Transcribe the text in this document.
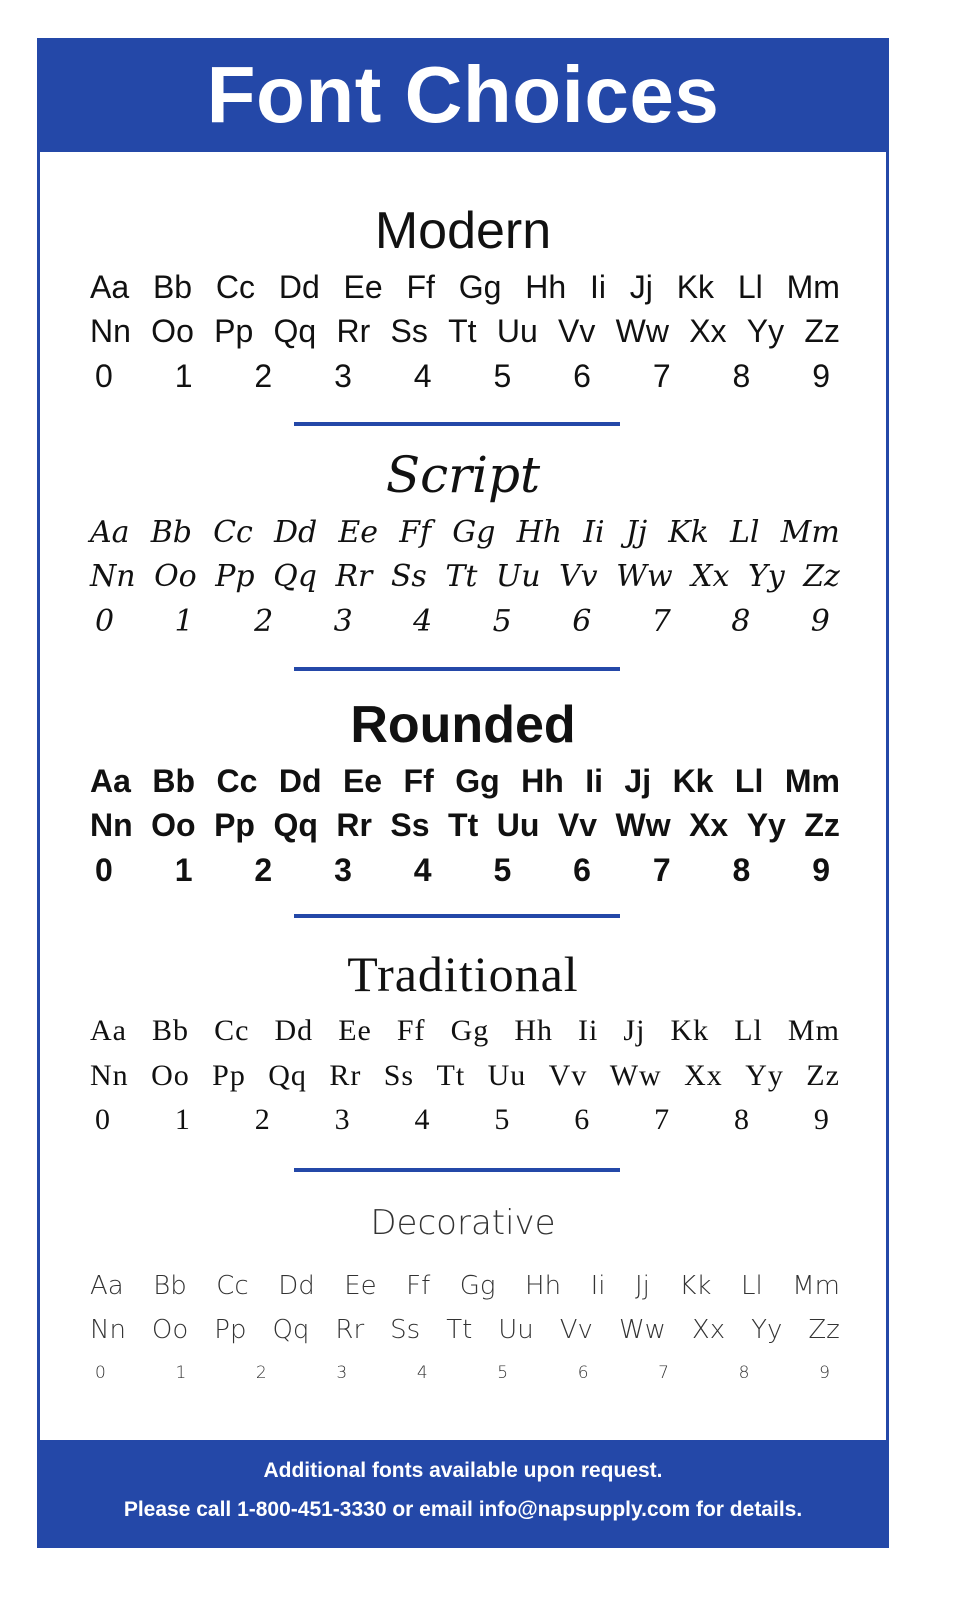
Font Choices
Modern
Aa Bb Cc Dd Ee Ff Gg Hh Ii Jj Kk Ll Mm
Nn Oo Pp Qq Rr Ss Tt Uu Vv Ww Xx Yy Zz
0 1 2 3 4 5 6 7 8 9
Script
Aa Bb Cc Dd Ee Ff Gg Hh Ii Jj Kk Ll Mm
Nn Oo Pp Qq Rr Ss Tt Uu Vv Ww Xx Yy Zz
0 1 2 3 4 5 6 7 8 9
Rounded
Aa Bb Cc Dd Ee Ff Gg Hh Ii Jj Kk Ll Mm
Nn Oo Pp Qq Rr Ss Tt Uu Vv Ww Xx Yy Zz
0 1 2 3 4 5 6 7 8 9
Traditional
Aa Bb Cc Dd Ee Ff Gg Hh Ii Jj Kk Ll Mm
Nn Oo Pp Qq Rr Ss Tt Uu Vv Ww Xx Yy Zz
0 1 2 3 4 5 6 7 8 9
Decorative
Aa Bb Cc Dd Ee Ff Gg Hh Ii Jj Kk Ll Mm
Nn Oo Pp Qq Rr Ss Tt Uu Vv Ww Xx Yy Zz
0	1	2	3	4	5	6	7	8	9
Additional fonts available upon request.
Please call 1-800-451-3330 or email info@napsupply.com for details.
